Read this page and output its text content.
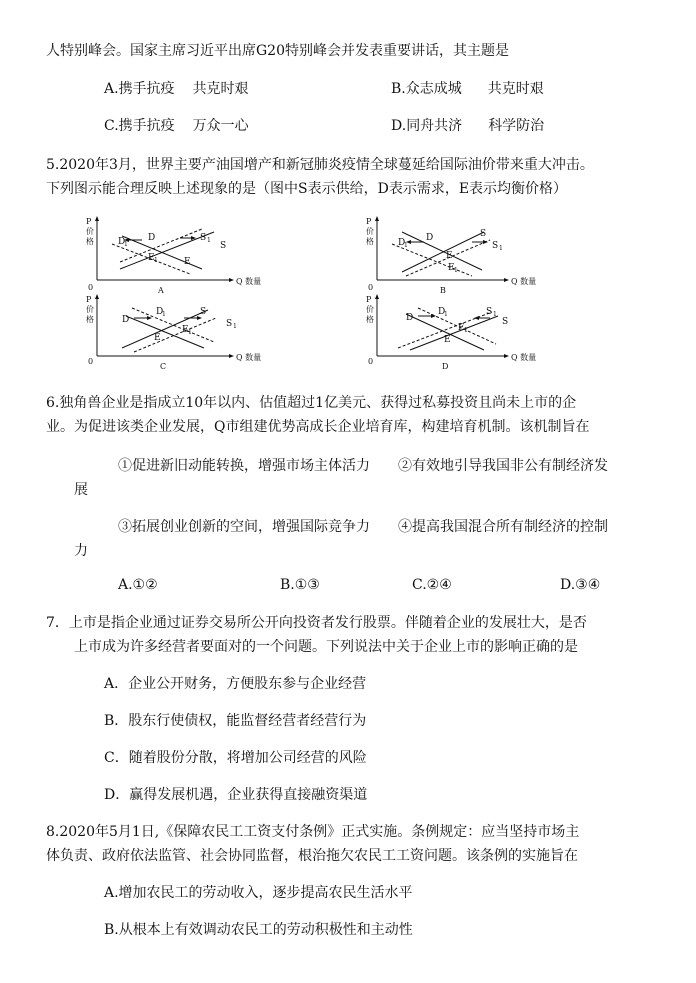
人特别峰会。国家主席习近平出席G20特别峰会并发表重要讲话，其主题是
A.携手抗疫 共克时艰	B.众志成城 共克时艰
C.携手抗疫 万众一心	D.同舟共济 科学防治
5.2020年3月，世界主要产油国增产和新冠肺炎疫情全球蔓延给国际油价带来重大冲击。
下列图示能合理反映上述现象的是（图中S表示供给，D表示需求，E表示均衡价格）
P
价
格
Q 数量
0
D
D
1
S 1
S
E 1	E
A
P
价
格
Q 数量
0
D
1
D	S
S 1
E
E 1
B
P
价
格
Q 数量
0
D
1
D
S
S 1
E 1
E
C
P
价
格
Q 数量
0
D
D
1	S 1
S
E 1
E
D
6.独角兽企业是指成立10年以内、估值超过1亿美元、获得过私募投资且尚未上市的企
业。为促进该类企业发展，Q市组建优势高成长企业培育库，构建培育机制。该机制旨在
①促进新旧动能转换，增强市场主体活力 ②有效地引导我国非公有制经济发
展
③拓展创业创新的空间，增强国际竞争力 ④提高我国混合所有制经济的控制
力
A.①②	B.①③	C.②④	D.③④
7．上市是指企业通过证券交易所公开向投资者发行股票。伴随着企业的发展壮大，是否
上市成为许多经营者要面对的一个问题。下列说法中关于企业上市的影响正确的是
A．企业公开财务，方便股东参与企业经营
B．股东行使债权，能监督经营者经营行为
C．随着股份分散，将增加公司经营的风险
D．赢得发展机遇，企业获得直接融资渠道
8.2020年5月1日,《保障农民工工资支付条例》正式实施。条例规定：应当坚持市场主
体负责、政府依法监管、社会协同监督，根治拖欠农民工工资问题。该条例的实施旨在
A.增加农民工的劳动收入，逐步提高农民生活水平
B.从根本上有效调动农民工的劳动积极性和主动性
